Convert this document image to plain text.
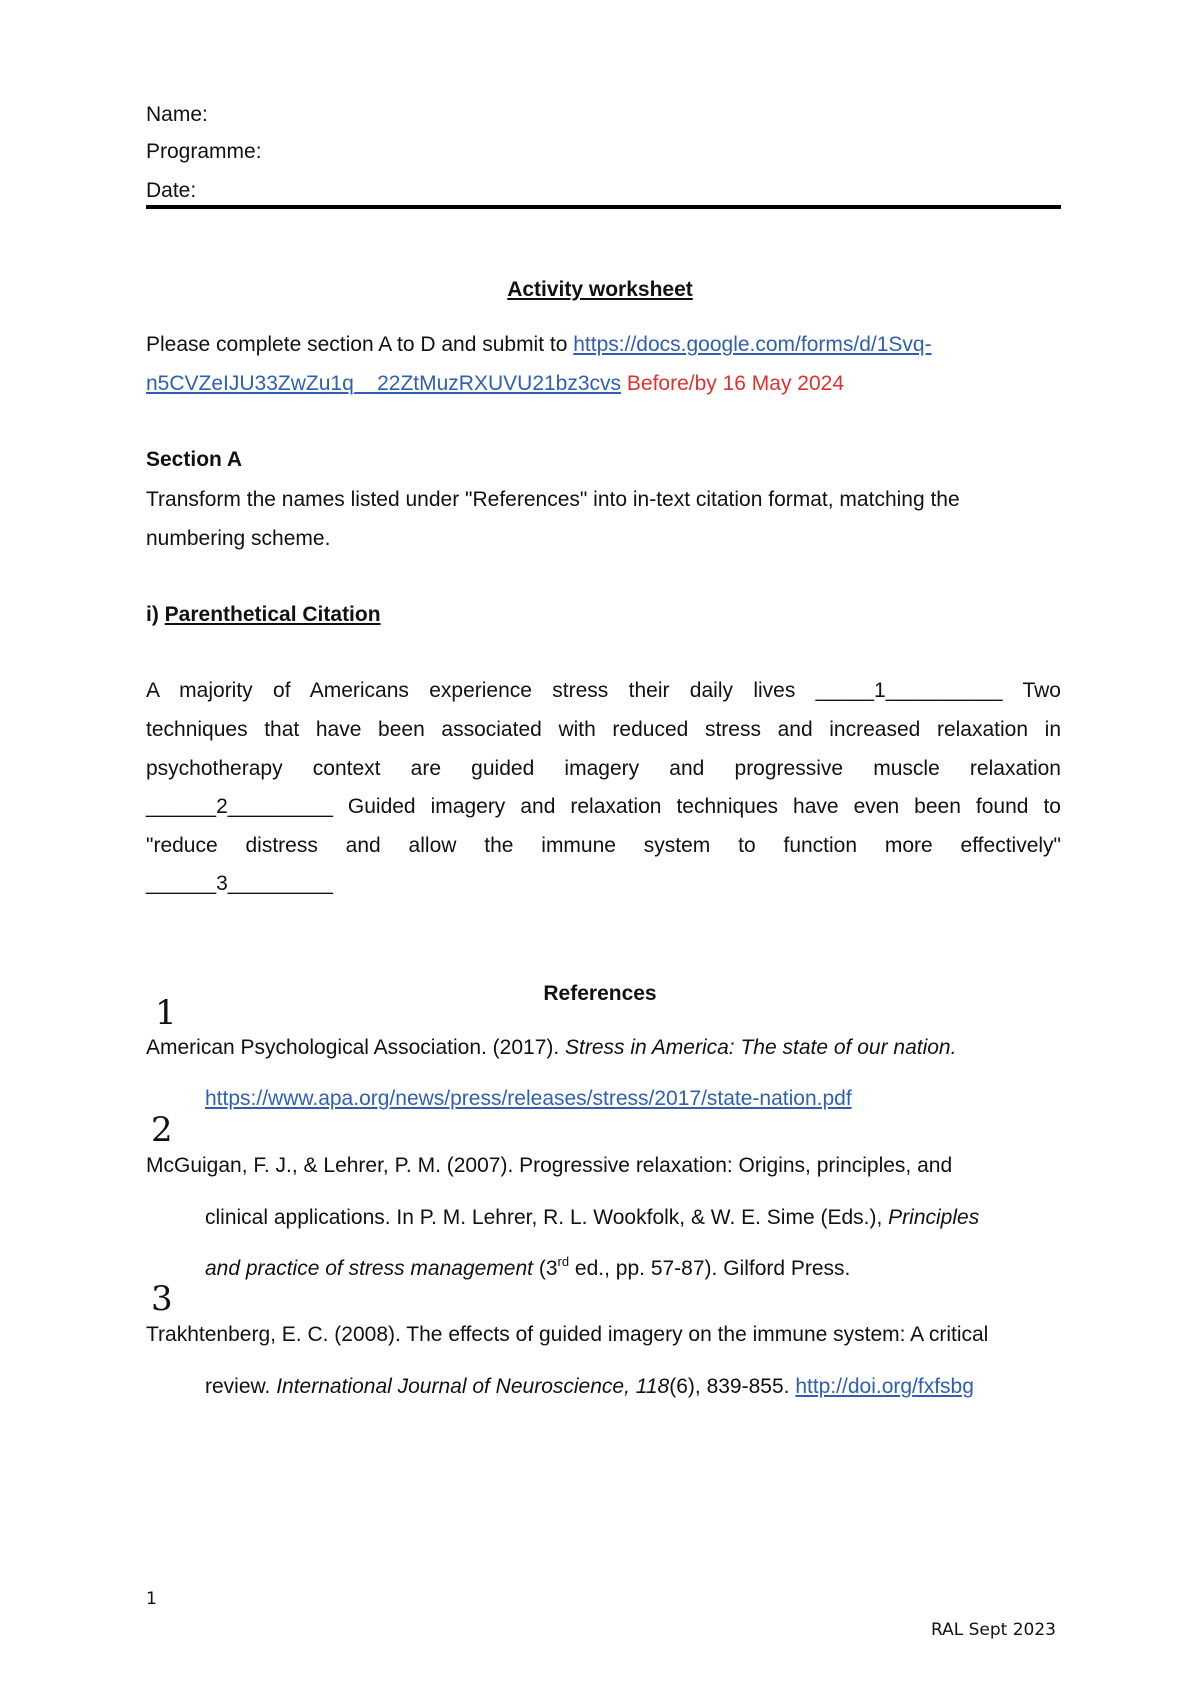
Name:
Programme:
Date:
Activity worksheet
Please complete section A to D and submit to https://docs.google.com/forms/d/1Svq-
n5CVZeIJU33ZwZu1q__22ZtMuzRXUVU21bz3cvs Before/by 16 May 2024
Section A
Transform the names listed under "References" into in-text citation format, matching the
numbering scheme.
i) Parenthetical Citation
A majority of Americans experience stress their daily lives _____1__________ Two
techniques that have been associated with reduced stress and increased relaxation in
psychotherapy context are guided imagery and progressive muscle relaxation
______2_________ Guided imagery and relaxation techniques have even been found to
"reduce distress and allow the immune system to function more effectively"
______3_________
References
1
American Psychological Association. (2017). Stress in America: The state of our nation.
https://www.apa.org/news/press/releases/stress/2017/state-nation.pdf
2
McGuigan, F. J., & Lehrer, P. M. (2007). Progressive relaxation: Origins, principles, and
clinical applications. In P. M. Lehrer, R. L. Wookfolk, & W. E. Sime (Eds.), Principles
and practice of stress management (3rd ed., pp. 57-87). Gilford Press.
3
Trakhtenberg, E. C. (2008). The effects of guided imagery on the immune system: A critical
review. International Journal of Neuroscience, 118(6), 839-855. http://doi.org/fxfsbg
1
RAL Sept 2023
